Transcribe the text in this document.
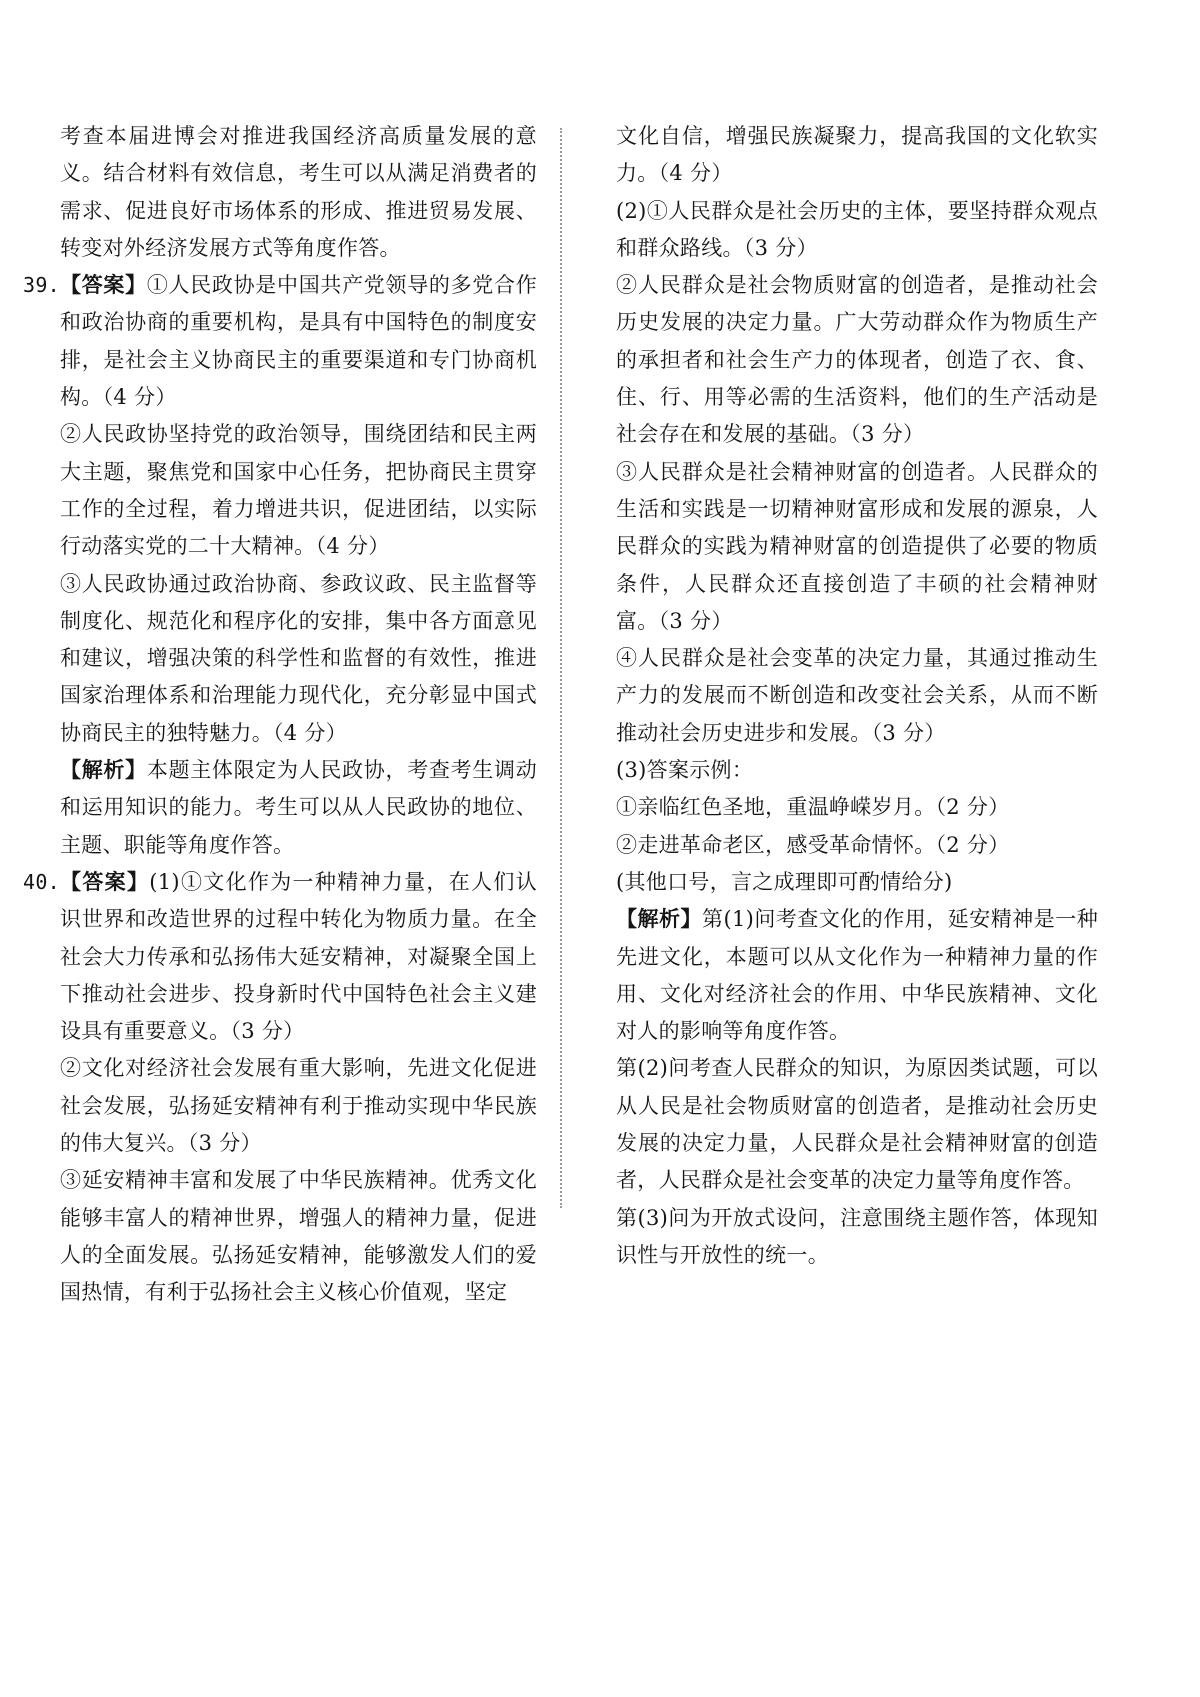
考查本届进博会对推进我国经济高质量发展的意义。结合材料有效信息，考生可以从满足消费者的需求、促进良好市场体系的形成、推进贸易发展、转变对外经济发展方式等角度作答。

39. 【答案】①人民政协是中国共产党领导的多党合作和政治协商的重要机构，是具有中国特色的制度安排，是社会主义协商民主的重要渠道和专门协商机构。（4 分）

②人民政协坚持党的政治领导，围绕团结和民主两大主题，聚焦党和国家中心任务，把协商民主贯穿工作的全过程，着力增进共识，促进团结，以实际行动落实党的二十大精神。（4 分）

③人民政协通过政治协商、参政议政、民主监督等制度化、规范化和程序化的安排，集中各方面意见和建议，增强决策的科学性和监督的有效性，推进国家治理体系和治理能力现代化，充分彰显中国式协商民主的独特魅力。（4 分）

【解析】本题主体限定为人民政协，考查考生调动和运用知识的能力。考生可以从人民政协的地位、主题、职能等角度作答。

40. 【答案】(1)①文化作为一种精神力量，在人们认识世界和改造世界的过程中转化为物质力量。在全社会大力传承和弘扬伟大延安精神，对凝聚全国上下推动社会进步、投身新时代中国特色社会主义建设具有重要意义。（3 分）

②文化对经济社会发展有重大影响，先进文化促进社会发展，弘扬延安精神有利于推动实现中华民族的伟大复兴。（3 分）

③延安精神丰富和发展了中华民族精神。优秀文化能够丰富人的精神世界，增强人的精神力量，促进人的全面发展。弘扬延安精神，能够激发人们的爱国热情，有利于弘扬社会主义核心价值观，坚定

文化自信，增强民族凝聚力，提高我国的文化软实力。（4 分）

(2)①人民群众是社会历史的主体，要坚持群众观点和群众路线。（3 分）

②人民群众是社会物质财富的创造者，是推动社会历史发展的决定力量。广大劳动群众作为物质生产的承担者和社会生产力的体现者，创造了衣、食、住、行、用等必需的生活资料，他们的生产活动是社会存在和发展的基础。（3 分）

③人民群众是社会精神财富的创造者。人民群众的生活和实践是一切精神财富形成和发展的源泉，人民群众的实践为精神财富的创造提供了必要的物质条件，人民群众还直接创造了丰硕的社会精神财富。（3 分）

④人民群众是社会变革的决定力量，其通过推动生产力的发展而不断创造和改变社会关系，从而不断推动社会历史进步和发展。（3 分）

(3)答案示例：

①亲临红色圣地，重温峥嵘岁月。（2 分）

②走进革命老区，感受革命情怀。（2 分）

(其他口号，言之成理即可酌情给分)

【解析】第(1)问考查文化的作用，延安精神是一种先进文化，本题可以从文化作为一种精神力量的作用、文化对经济社会的作用、中华民族精神、文化对人的影响等角度作答。

第(2)问考查人民群众的知识，为原因类试题，可以从人民是社会物质财富的创造者，是推动社会历史发展的决定力量，人民群众是社会精神财富的创造者，人民群众是社会变革的决定力量等角度作答。

第(3)问为开放式设问，注意围绕主题作答，体现知识性与开放性的统一。
